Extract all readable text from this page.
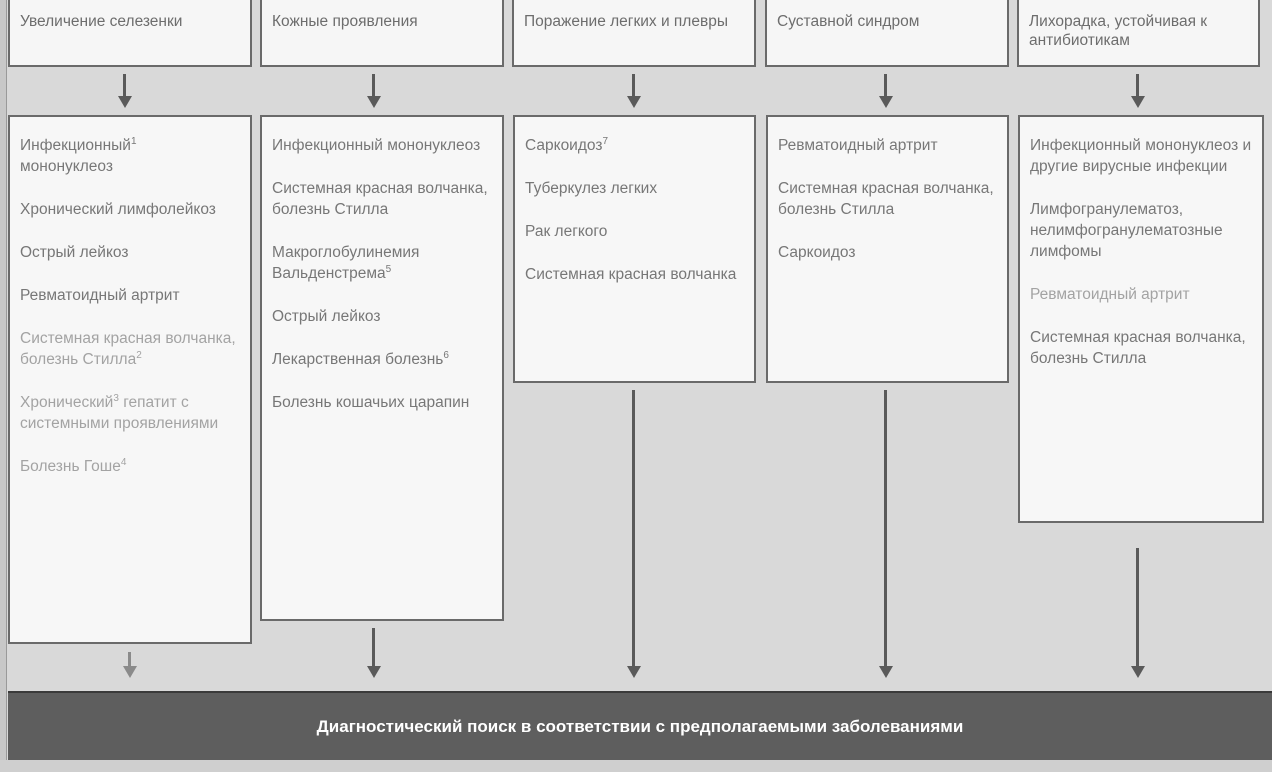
Увеличение селезенки
Инфекционный$^1$
мононуклеоз
Хронический лимфолейкоз
Острый лейкоз
Ревматоидный артрит
Системная красная волчанка, болезнь Стилла$^2$
Хронический$^3$ гепатит с системными проявлениями
Болезнь Гоше$^4$
Кожные проявления
Инфекционный мононуклеоз
Системная красная волчанка, болезнь Стилла
Макроглобулинемия Вальденстрема$^5$
Острый лейкоз
Лекарственная болезнь$^6$
Болезнь кошачьих царапин
Поражение легких и плевры
Саркоидоз$^7$
Туберкулез легких
Рак легкого
Системная красная волчанка
Суставной синдром
Ревматоидный артрит
Системная красная волчанка, болезнь Стилла
Саркоидоз
Лихорадка, устойчивая к антибиотикам
Инфекционный мононуклеоз и другие вирусные инфекции
Лимфогранулематоз, нелимфогранулематозные лимфомы
Ревматоидный артрит
Системная красная волчанка, болезнь Стилла
Диагностический поиск в соответствии с предполагаемыми заболеваниями
